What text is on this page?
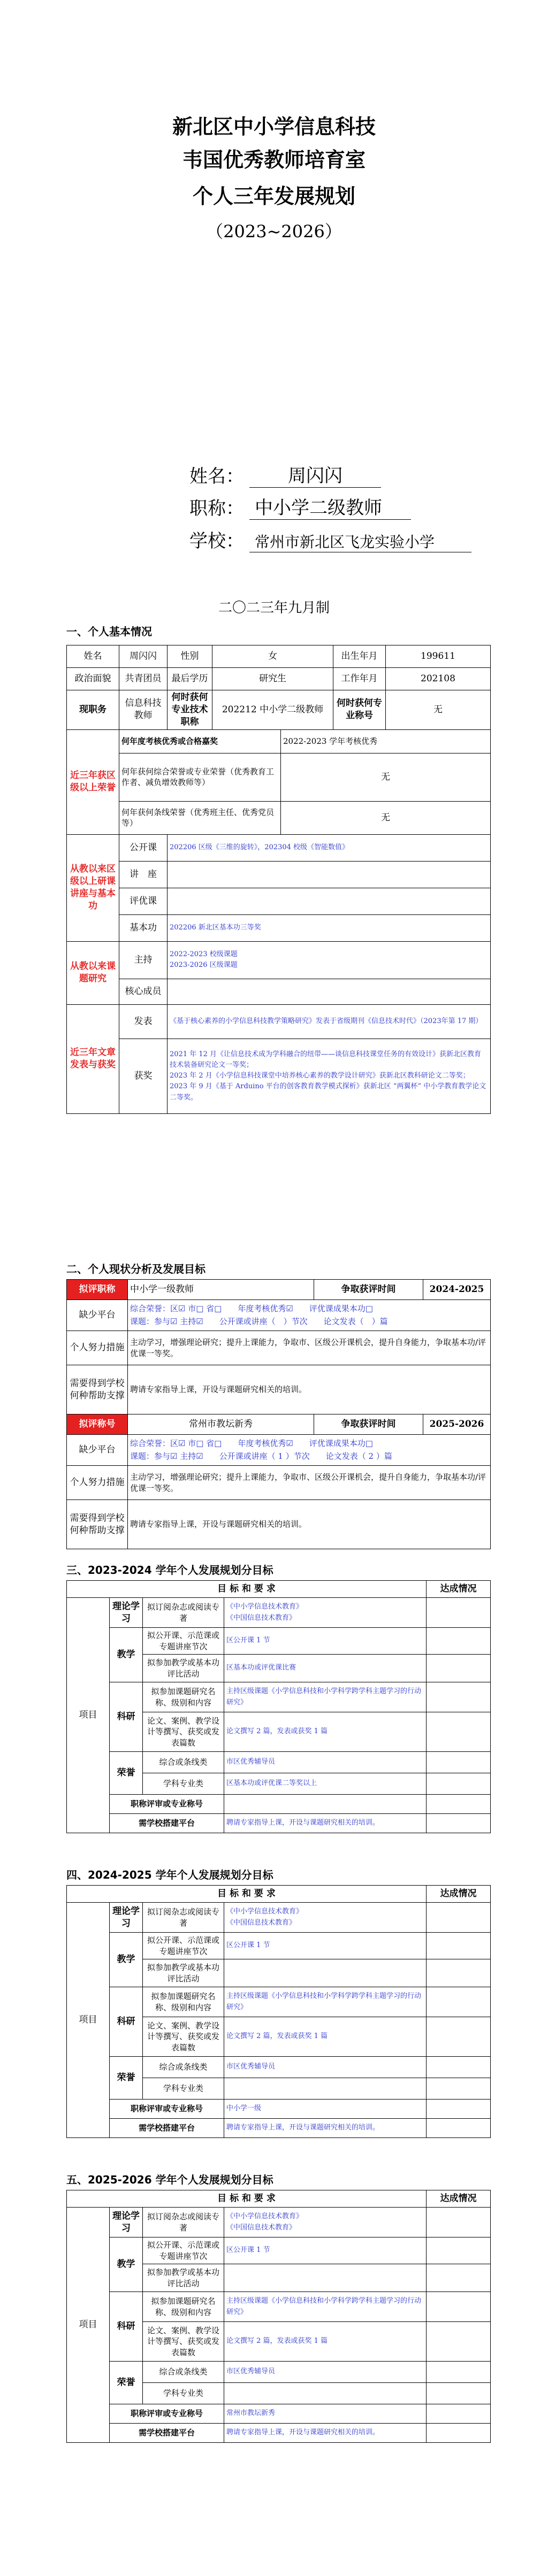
新北区中小学信息科技
韦国优秀教师培育室
个人三年发展规划
（2023~2026）
姓名：	周闪闪
职称： 中小学二级教师
学校： 常州市新北区飞龙实验小学
二〇二三年九月制
一、个人基本情况
姓名	周闪闪	性别	女		出生年月	199611
政治面貌	共青团员	最后学历	研究生		工作年月	202108
现职务	信息科技教师	何时获何专业技术职称	202212 中小学二级教师		何时获何专业称号	无
近三年获区级以上荣誉	何年度考核优秀或合格嘉奖			2022-2023 学年考核优秀		
	何年获何综合荣誉或专业荣誉（优秀教育工作者、减负增效教师等）			无		
	何年获何条线荣誉（优秀班主任、优秀党员等）			无		
从教以来区级以上研课讲座与基本功	公开课	202206 区级《三维的旋转》，202304 校级《智能数值》				
	讲　座					
	评优课					
	基本功	202206 新北区基本功三等奖				
从教以来课题研究	主持	2022-2023 校级课题
2023-2026 区级课题				

	核心成员					
近三年文章发表与获奖	发表	《基于核心素养的小学信息科技教学策略研究》发表于省级期刊《信息技术时代》（2023年第 17 期）				
	获奖	2021 年 12 月《让信息技术成为学科融合的纽带——谈信息科技课堂任务的有效设计》获新北区教育技术装备研究论文一等奖；
2023 年 2 月《小学信息科技课堂中培养核心素养的教学设计研究》获新北区教科研论文二等奖；
2023 年 9 月《基于 Arduino 平台的创客教育教学模式探析》获新北区 “两翼杯” 中小学教育教学论文二等奖。				
二、个人现状分析及发展目标
拟评职称	中小学一级教师	争取获评时间	2024-2025
缺少平台	综合荣誉：区☑ 市□ 省□　　年度考核优秀☑　　评优课成果本功□
课题：参与☑ 主持☑　　公开课或讲座（　）节次　　论文发表（　）篇		

个人努力措施	主动学习，增强理论研究；提升上课能力，争取市、区级公开课机会，提升自身能力，争取基本功/评优课一等奖。		
需要得到学校何种帮助支撑	聘请专家指导上课，开设与课题研究相关的培训。		
拟评称号	常州市教坛新秀	争取获评时间	2025-2026
缺少平台	综合荣誉：区☑ 市□ 省□　　年度考核优秀☑　　评优课成果本功□
课题：参与☑ 主持☑　　公开课或讲座（ 1 ）节次　　论文发表（ 2 ）篇		

个人努力措施	主动学习，增强理论研究；提升上课能力，争取市、区级公开课机会，提升自身能力，争取基本功/评优课一等奖。		
需要得到学校何种帮助支撑	聘请专家指导上课，开设与课题研究相关的培训。		
三、2023-2024 学年个人发展规划分目标
四、2024-2025 学年个人发展规划分目标
五、2025-2026 学年个人发展规划分目标
目 标 和 要 求				达成情况
项目	理论学习	拟订阅杂志或阅读专著	《中小学信息技术教育》
《中国信息技术教育》	
	教学	拟公开课、示范课或专题讲座节次	区公开课 1 节	
		拟参加教学或基本功评比活动	区基本功或评优课比赛	
	科研	拟参加课题研究名称、级别和内容	主持区级课题《小学信息科技和小学科学跨学科主题学习的行动研究》	
		论文、案例、教学设计等撰写、获奖或发表篇数	论文撰写 2 篇，发表或获奖 1 篇	
	荣誉	综合或条线类	市区优秀辅导员	
		学科专业类	区基本功或评优课二等奖以上	
	职称评审或专业称号			
	需学校搭建平台		聘请专家指导上课，开设与课题研究相关的培训。	
目 标 和 要 求				达成情况
项目	理论学习	拟订阅杂志或阅读专著	《中小学信息技术教育》
《中国信息技术教育》	
	教学	拟公开课、示范课或专题讲座节次	区公开课 1 节	
		拟参加教学或基本功评比活动		
	科研	拟参加课题研究名称、级别和内容	主持区级课题《小学信息科技和小学科学跨学科主题学习的行动研究》	
		论文、案例、教学设计等撰写、获奖或发表篇数	论文撰写 2 篇，发表或获奖 1 篇	
	荣誉	综合或条线类	市区优秀辅导员	
		学科专业类		
	职称评审或专业称号		中小学一级	
	需学校搭建平台		聘请专家指导上课，开设与课题研究相关的培训。	
目 标 和 要 求				达成情况
项目	理论学习	拟订阅杂志或阅读专著	《中小学信息技术教育》
《中国信息技术教育》	
	教学	拟公开课、示范课或专题讲座节次	区公开课 1 节	
		拟参加教学或基本功评比活动		
	科研	拟参加课题研究名称、级别和内容	主持区级课题《小学信息科技和小学科学跨学科主题学习的行动研究》	
		论文、案例、教学设计等撰写、获奖或发表篇数	论文撰写 2 篇，发表或获奖 1 篇	
	荣誉	综合或条线类	市区优秀辅导员	
		学科专业类		
	职称评审或专业称号		常州市教坛新秀	
	需学校搭建平台		聘请专家指导上课，开设与课题研究相关的培训。	
